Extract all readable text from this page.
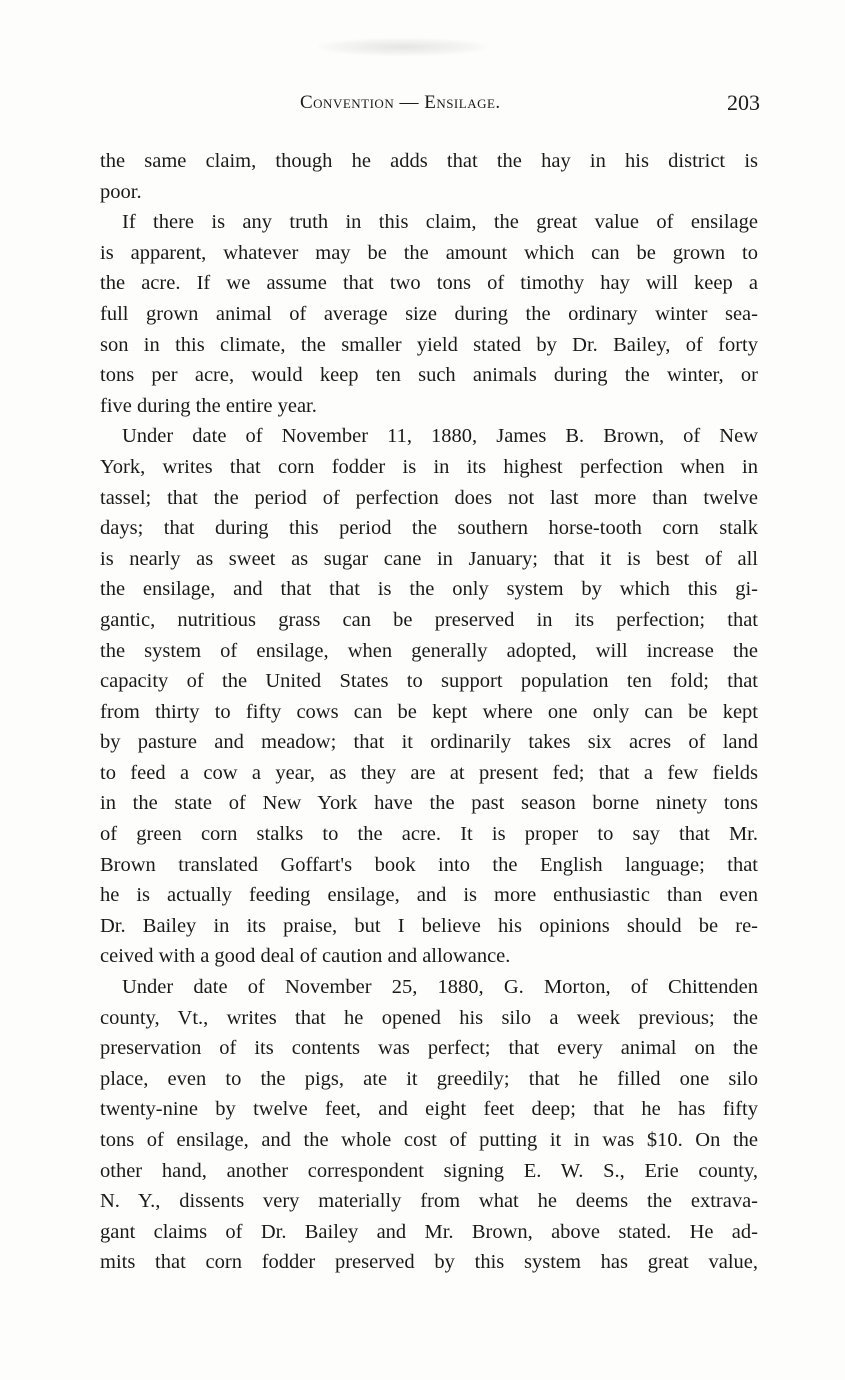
Convention — Ensilage.	203
the same claim, though he adds that the hay in his district is
poor.
If there is any truth in this claim, the great value of ensilage
is apparent, whatever may be the amount which can be grown to
the acre. If we assume that two tons of timothy hay will keep a
full grown animal of average size during the ordinary winter sea-
son in this climate, the smaller yield stated by Dr. Bailey, of forty
tons per acre, would keep ten such animals during the winter, or
five during the entire year.
Under date of November 11, 1880, James B. Brown, of New
York, writes that corn fodder is in its highest perfection when in
tassel; that the period of perfection does not last more than twelve
days; that during this period the southern horse-tooth corn stalk
is nearly as sweet as sugar cane in January; that it is best of all
the ensilage, and that that is the only system by which this gi-
gantic, nutritious grass can be preserved in its perfection; that
the system of ensilage, when generally adopted, will increase the
capacity of the United States to support population ten fold; that
from thirty to fifty cows can be kept where one only can be kept
by pasture and meadow; that it ordinarily takes six acres of land
to feed a cow a year, as they are at present fed; that a few fields
in the state of New York have the past season borne ninety tons
of green corn stalks to the acre. It is proper to say that Mr.
Brown translated Goffart's book into the English language; that
he is actually feeding ensilage, and is more enthusiastic than even
Dr. Bailey in its praise, but I believe his opinions should be re-
ceived with a good deal of caution and allowance.
Under date of November 25, 1880, G. Morton, of Chittenden
county, Vt., writes that he opened his silo a week previous; the
preservation of its contents was perfect; that every animal on the
place, even to the pigs, ate it greedily; that he filled one silo
twenty-nine by twelve feet, and eight feet deep; that he has fifty
tons of ensilage, and the whole cost of putting it in was $10. On the
other hand, another correspondent signing E. W. S., Erie county,
N. Y., dissents very materially from what he deems the extrava-
gant claims of Dr. Bailey and Mr. Brown, above stated. He ad-
mits that corn fodder preserved by this system has great value,
